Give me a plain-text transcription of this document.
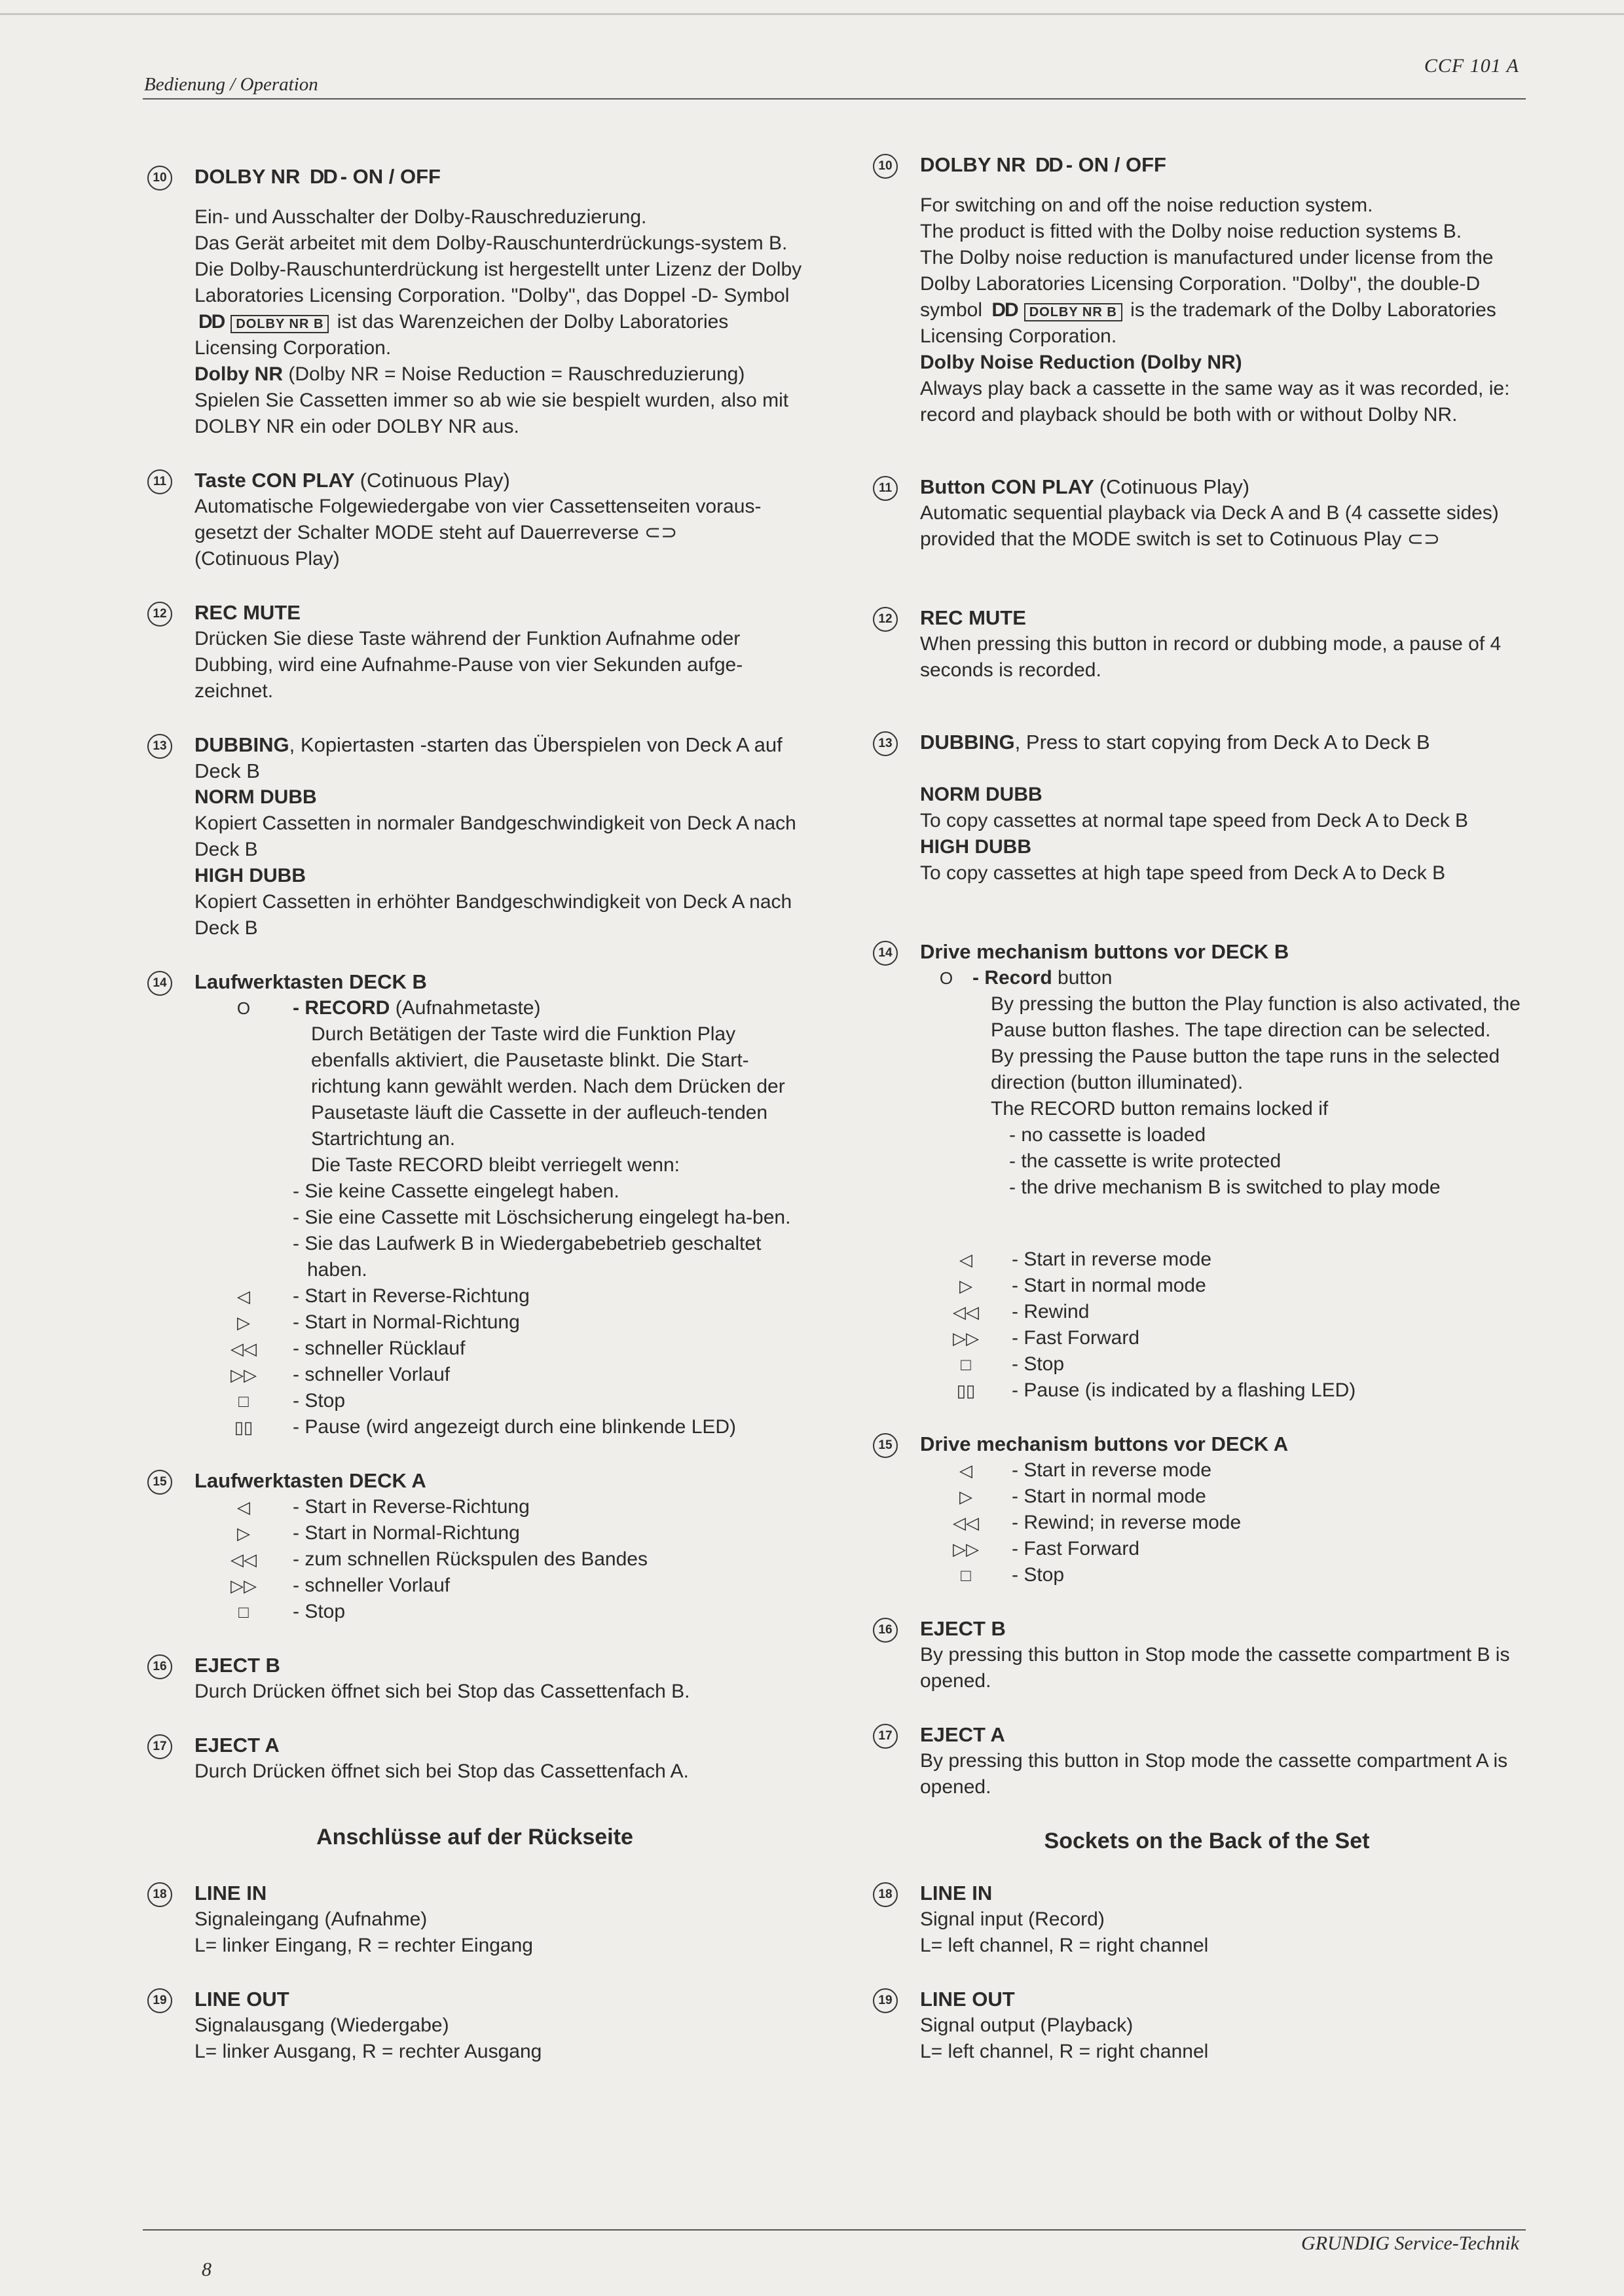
Bedienung / Operation
CCF 101 A
10 DOLBY NR DD - ON / OFF
Ein- und Ausschalter der Dolby-Rauschreduzierung.
Das Gerät arbeitet mit dem Dolby-Rauschunterdrückungs-system B.
Die Dolby-Rauschunterdrückung ist hergestellt unter Lizenz der Dolby Laboratories Licensing Corporation. "Dolby", das Doppel -D- Symbol DD DOLBY NR B ist das Warenzeichen der Dolby Laboratories Licensing Corporation.
Dolby NR (Dolby NR = Noise Reduction = Rauschreduzierung) Spielen Sie Cassetten immer so ab wie sie bespielt wurden, also mit DOLBY NR ein oder DOLBY NR aus.
11 Taste CON PLAY (Cotinuous Play)
Automatische Folgewiedergabe von vier Cassettenseiten voraus-gesetzt der Schalter MODE steht auf Dauerreverse ⊂⊃
(Cotinuous Play)
12 REC MUTE
Drücken Sie diese Taste während der Funktion Aufnahme oder Dubbing, wird eine Aufnahme-Pause von vier Sekunden aufge-zeichnet.
13 DUBBING, Kopiertasten -starten das Überspielen von Deck A auf Deck B
NORM DUBB
Kopiert Cassetten in normaler Bandgeschwindigkeit von Deck A nach Deck B
HIGH DUBB
Kopiert Cassetten in erhöhter Bandgeschwindigkeit von Deck A nach Deck B
14 Laufwerktasten DECK B
O	- RECORD (Aufnahmetaste)
Durch Betätigen der Taste wird die Funktion Play ebenfalls aktiviert, die Pausetaste blinkt. Die Start-richtung kann gewählt werden. Nach dem Drücken der Pausetaste läuft die Cassette in der aufleuch-tenden Startrichtung an.
Die Taste RECORD bleibt verriegelt wenn:
- Sie keine Cassette eingelegt haben.
- Sie eine Cassette mit Löschsicherung eingelegt ha-ben.
- Sie das Laufwerk B in Wiedergabebetrieb geschaltet haben.
◁	- Start in Reverse-Richtung
▷	- Start in Normal-Richtung
◁◁	- schneller Rücklauf
▷▷	- schneller Vorlauf
□	- Stop
▯▯	- Pause (wird angezeigt durch eine blinkende LED)
15 Laufwerktasten DECK A
◁	- Start in Reverse-Richtung
▷	- Start in Normal-Richtung
◁◁	- zum schnellen Rückspulen des Bandes
▷▷	- schneller Vorlauf
□	- Stop
16 EJECT B
Durch Drücken öffnet sich bei Stop das Cassettenfach B.
17 EJECT A
Durch Drücken öffnet sich bei Stop das Cassettenfach A.
Anschlüsse auf der Rückseite
18 LINE IN
Signaleingang (Aufnahme)
L= linker Eingang, R = rechter Eingang
19 LINE OUT
Signalausgang (Wiedergabe)
L= linker Ausgang, R = rechter Ausgang
10 DOLBY NR DD - ON / OFF
For switching on and off the noise reduction system.
The product is fitted with the Dolby noise reduction systems B.
The Dolby noise reduction is manufactured under license from the Dolby Laboratories Licensing Corporation. "Dolby", the double-D symbol DD DOLBY NR B is the trademark of the Dolby Laboratories Licensing Corporation.
Dolby Noise Reduction (Dolby NR)
Always play back a cassette in the same way as it was recorded, ie: record and playback should be both with or without Dolby NR.
11 Button CON PLAY (Cotinuous Play)
Automatic sequential playback via Deck A and B (4 cassette sides) provided that the MODE switch is set to Cotinuous Play ⊂⊃
12 REC MUTE
When pressing this button in record or dubbing mode, a pause of 4 seconds is recorded.
13 DUBBING, Press to start copying from Deck A to Deck B
NORM DUBB
To copy cassettes at normal tape speed from Deck A to Deck B
HIGH DUBB
To copy cassettes at high tape speed from Deck A to Deck B
14 Drive mechanism buttons vor DECK B
O - Record button
By pressing the button the Play function is also activated, the Pause button flashes. The tape direction can be selected.
By pressing the Pause button the tape runs in the selected direction (button illuminated).
The RECORD button remains locked if
- no cassette is loaded
- the cassette is write protected
- the drive mechanism B is switched to play mode
◁	- Start in reverse mode
▷	- Start in normal mode
◁◁	- Rewind
▷▷	- Fast Forward
□	- Stop
▯▯	- Pause (is indicated by a flashing LED)
15 Drive mechanism buttons vor DECK A
◁	- Start in reverse mode
▷	- Start in normal mode
◁◁	- Rewind; in reverse mode
▷▷	- Fast Forward
□	- Stop
16 EJECT B
By pressing this button in Stop mode the cassette compartment B is opened.
17 EJECT A
By pressing this button in Stop mode the cassette compartment A is opened.
Sockets on the Back of the Set
18 LINE IN
Signal input (Record)
L= left channel, R = right channel
19 LINE OUT
Signal output (Playback)
L= left channel, R = right channel
GRUNDIG Service-Technik
8
